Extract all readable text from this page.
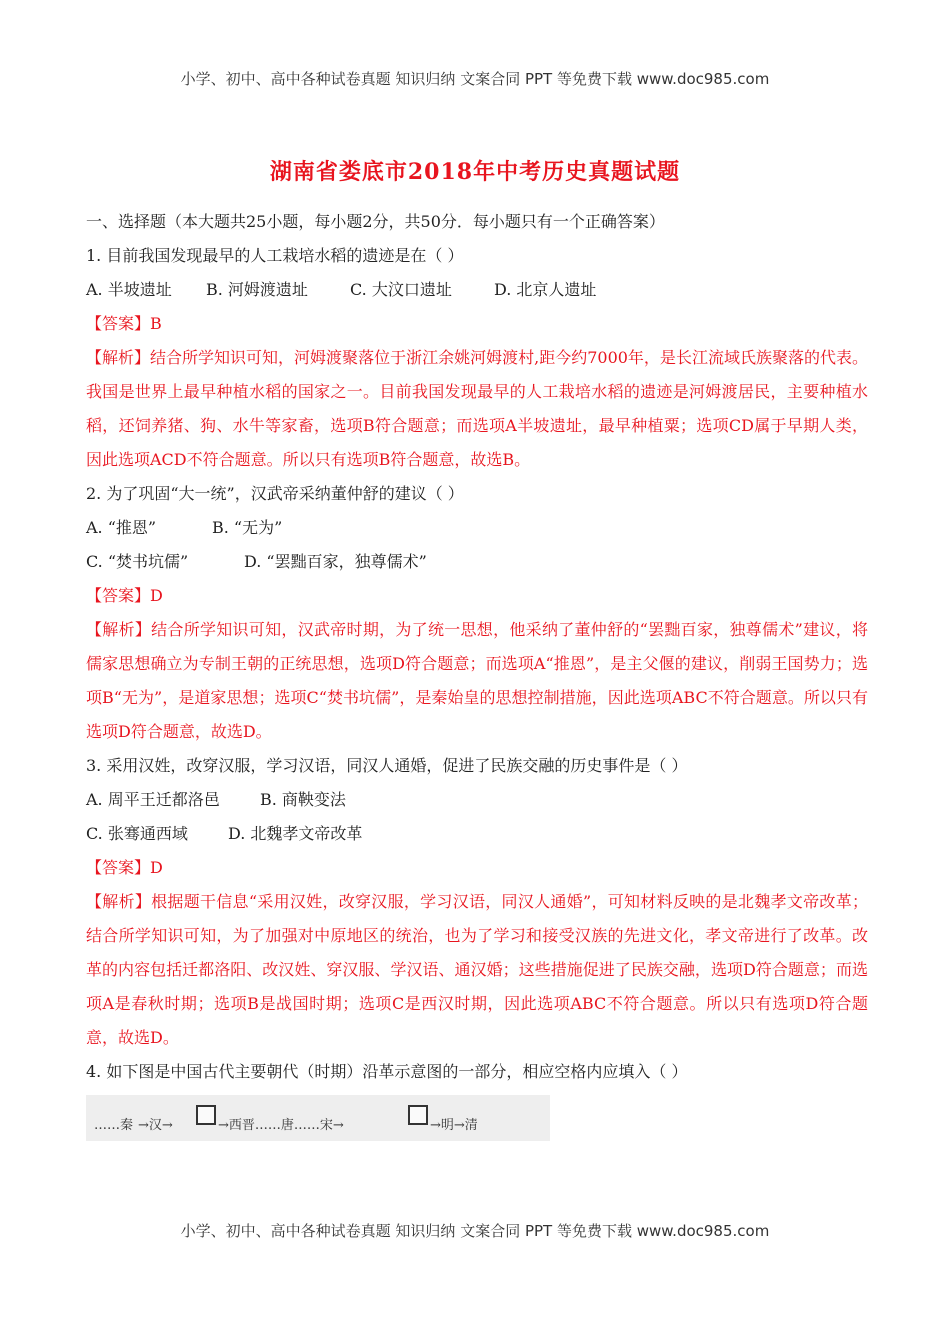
小学、初中、高中各种试卷真题 知识归纳 文案合同 PPT 等免费下载 www.doc985.com
湖南省娄底市2018年中考历史真题试题
一、选择题（本大题共25小题，每小题2分，共50分．每小题只有一个正确答案）
1. 目前我国发现最早的人工栽培水稻的遗迹是在（ ）
A. 半坡遗址 B. 河姆渡遗址	C. 大汶口遗址	D. 北京人遗址
【答案】B
【解析】结合所学知识可知，河姆渡聚落位于浙江余姚河姆渡村,距今约7000年，是长江流域氏族聚落的代表。我国是世界上最早种植水稻的国家之一。目前我国发现最早的人工栽培水稻的遗迹是河姆渡居民，主要种植水稻，还饲养猪、狗、水牛等家畜，选项B符合题意；而选项A半坡遗址，最早种植粟；选项CD属于早期人类，因此选项ACD不符合题意。所以只有选项B符合题意，故选B。
2. 为了巩固“大一统”，汉武帝采纳董仲舒的建议（ ）
A. “推恩”	B. “无为”
C. “焚书坑儒”	D. “罢黜百家，独尊儒术”
【答案】D
【解析】结合所学知识可知，汉武帝时期，为了统一思想，他采纳了董仲舒的“罢黜百家，独尊儒术”建议，将儒家思想确立为专制王朝的正统思想，选项D符合题意；而选项A“推恩”，是主父偃的建议，削弱王国势力；选项B“无为”，是道家思想；选项C“焚书坑儒”，是秦始皇的思想控制措施，因此选项ABC不符合题意。所以只有选项D符合题意，故选D。
3. 采用汉姓，改穿汉服，学习汉语，同汉人通婚，促进了民族交融的历史事件是（ ）
A. 周平王迁都洛邑	B. 商鞅变法
C. 张骞通西域	D. 北魏孝文帝改革
【答案】D
【解析】根据题干信息“采用汉姓，改穿汉服，学习汉语，同汉人通婚”，可知材料反映的是北魏孝文帝改革；结合所学知识可知，为了加强对中原地区的统治，也为了学习和接受汉族的先进文化，孝文帝进行了改革。改革的内容包括迁都洛阳、改汉姓、穿汉服、学汉语、通汉婚；这些措施促进了民族交融，选项D符合题意；而选项A是春秋时期；选项B是战国时期；选项C是西汉时期，因此选项ABC不符合题意。所以只有选项D符合题意，故选D。
4. 如下图是中国古代主要朝代（时期）沿革示意图的一部分，相应空格内应填入（ ）
……秦 →汉→	→西晋……唐……宋→	→明→清
小学、初中、高中各种试卷真题 知识归纳 文案合同 PPT 等免费下载 www.doc985.com
